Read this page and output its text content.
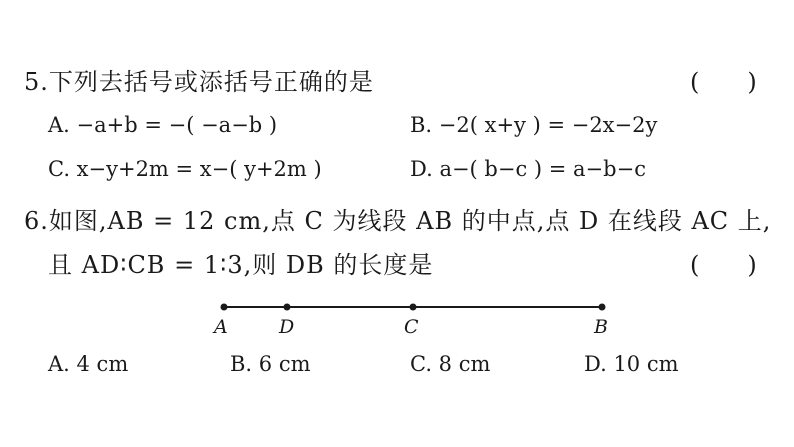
5.下列去括号或添括号正确的是	(　　)
A. −a+b = −( −a−b )	B. −2( x+y ) = −2x−2y
C. x−y+2m = x−( y+2m )	D. a−( b−c ) = a−b−c
6.如图,AB = 12 cm,点 C 为线段 AB 的中点,点 D 在线段 AC 上,
且 AD∶CB = 1∶3,则 DB 的长度是	(　　)
A	D	C	B
A. 4 cm	B. 6 cm	C. 8 cm	D. 10 cm
